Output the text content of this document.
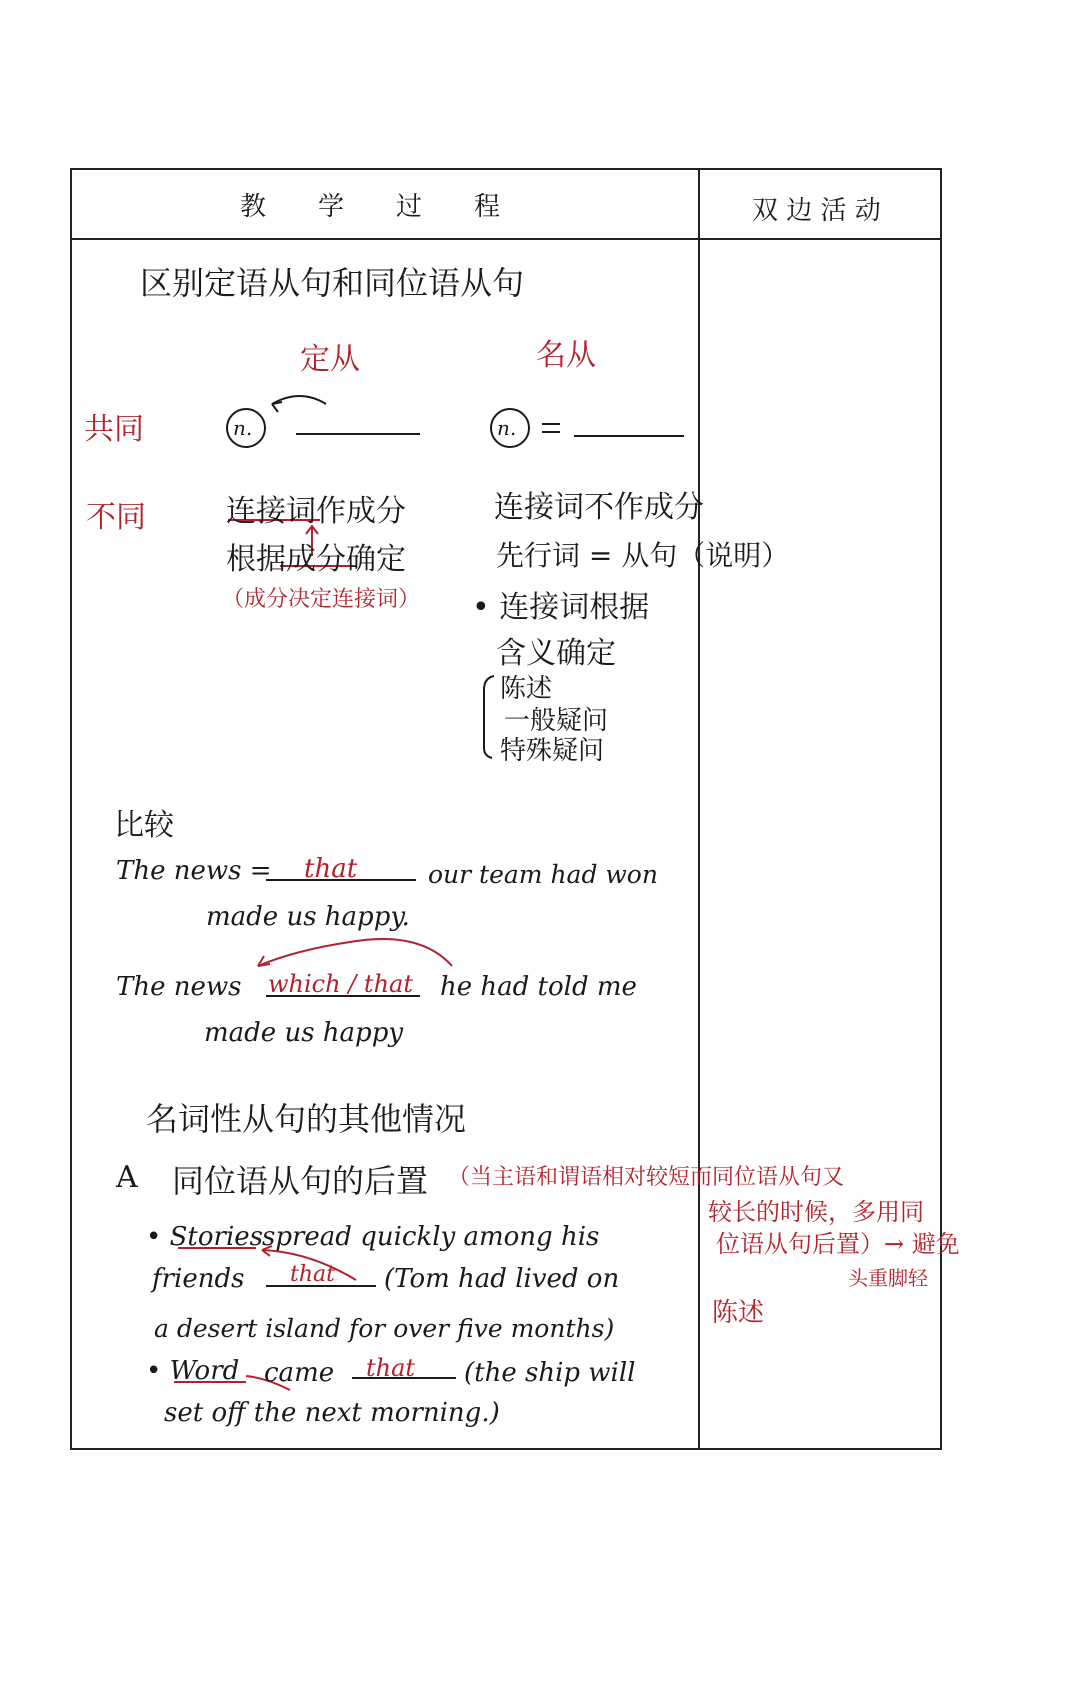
教　　学　　过　　程	双 边 活 动
区别定语从句和同位语从句
定从	名从
共同
不同
n.	n.
连接词作成分
根据成分确定
（成分决定连接词）
连接词不作成分
先行词 = 从句（说明）
• 连接词根据
含义确定
陈述
一般疑问
特殊疑问
比较
The news = that	our team had won
made us happy.
The news which / that he had told me
made us happy
名词性从句的其他情况
A 同位语从句的后置 （当主语和谓语相对较短而同位语从句又
较长的时候，多用同
位语从句后置）→ 避免
头重脚轻
陈述
• Stories spread quickly among his
friends that (Tom had lived on
a desert island for over five months)
• Word came that (the ship will
set off the next morning.)
